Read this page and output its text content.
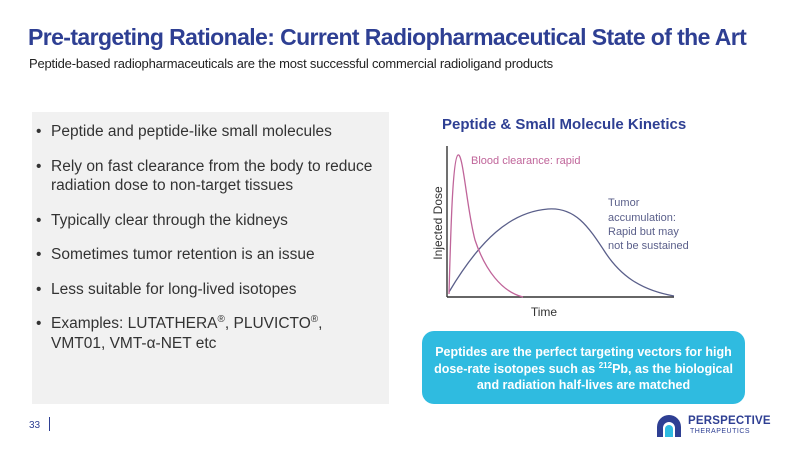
Pre-targeting Rationale: Current Radiopharmaceutical State of the Art
Peptide-based radiopharmaceuticals are the most successful commercial radioligand products
• Peptide and peptide-like small molecules
• Rely on fast clearance from the body to reduce radiation dose to non-target tissues
• Typically clear through the kidneys
• Sometimes tumor retention is an issue
• Less suitable for long-lived isotopes
• Examples: LUTATHERA®, PLUVICTO®, VMT01, VMT-α-NET etc
Peptide & Small Molecule Kinetics
Injected Dose
Time
Blood clearance: rapid
Tumor accumulation: Rapid but may not be sustained
Peptides are the perfect targeting vectors for high dose-rate isotopes such as $^{212}$Pb, as the biological and radiation half-lives are matched
33	PERSPECTIVE
THERAPEUTICS
